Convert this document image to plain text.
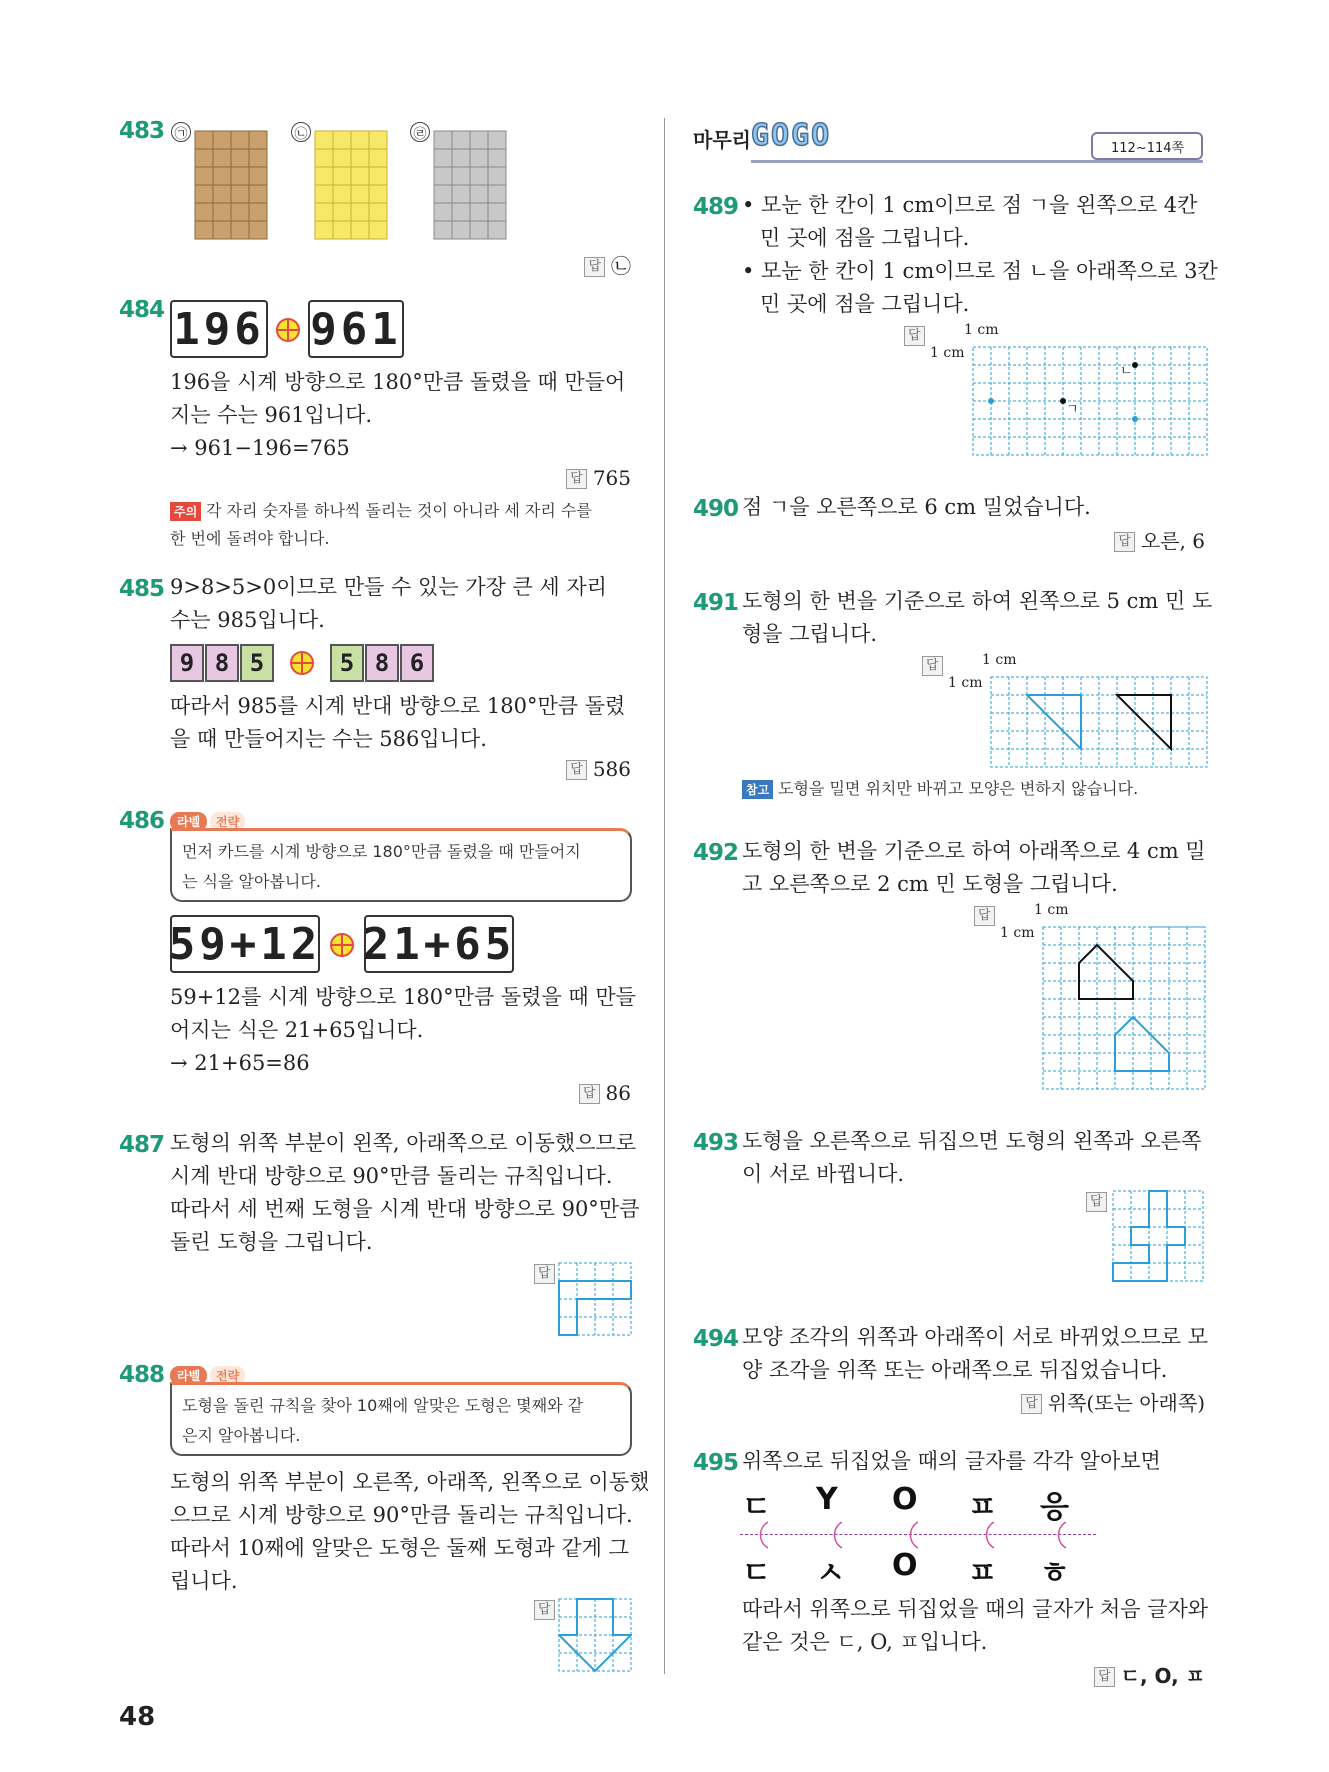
마무리 GOGO	112~114쪽
483 ㉠	㉡	㉣
답 ㉡
484 196 961
196을 시계 방향으로 180°만큼 돌렸을 때 만들어
지는 수는 961입니다.
→ 961−196=765
답 765
주의 각 자리 숫자를 하나씩 돌리는 것이 아니라 세 자리 수를
한 번에 돌려야 합니다.
485 9>8>5>0이므로 만들 수 있는 가장 큰 세 자리
수는 985입니다.
9 8 5	5 8 6
따라서 985를 시계 반대 방향으로 180°만큼 돌렸
을 때 만들어지는 수는 586입니다.
답 586
486	라벨	전략
먼저 카드를 시계 방향으로 180°만큼 돌렸을 때 만들어지
는 식을 알아봅니다.
59+12 21+65
59+12를 시계 방향으로 180°만큼 돌렸을 때 만들
어지는 식은 21+65입니다.
→ 21+65=86
답 86
487 도형의 위쪽 부분이 왼쪽, 아래쪽으로 이동했으므로
시계 반대 방향으로 90°만큼 돌리는 규칙입니다.
따라서 세 번째 도형을 시계 반대 방향으로 90°만큼
돌린 도형을 그립니다.
답
488	라벨	전략
도형을 돌린 규칙을 찾아 10째에 알맞은 도형은 몇째와 같
은지 알아봅니다.
도형의 위쪽 부분이 오른쪽, 아래쪽, 왼쪽으로 이동했
으므로 시계 방향으로 90°만큼 돌리는 규칙입니다.
따라서 10째에 알맞은 도형은 둘째 도형과 같게 그
립니다.
답
489 • 모눈 한 칸이 1 cm이므로 점 ㄱ을 왼쪽으로 4칸
민 곳에 점을 그립니다.
• 모눈 한 칸이 1 cm이므로 점 ㄴ을 아래쪽으로 3칸
민 곳에 점을 그립니다.
답	1 cm
1 cm
ㄴ
ㄱ
490 점 ㄱ을 오른쪽으로 6 cm 밀었습니다.
답 오른, 6
491 도형의 한 변을 기준으로 하여 왼쪽으로 5 cm 민 도
형을 그립니다.
답	1 cm
1 cm
참고 도형을 밀면 위치만 바뀌고 모양은 변하지 않습니다.
492 도형의 한 변을 기준으로 하여 아래쪽으로 4 cm 밀
고 오른쪽으로 2 cm 민 도형을 그립니다.
답	1 cm
1 cm
493 도형을 오른쪽으로 뒤집으면 도형의 왼쪽과 오른쪽
이 서로 바뀝니다.
답
494 모양 조각의 위쪽과 아래쪽이 서로 바뀌었으므로 모
양 조각을 위쪽 또는 아래쪽으로 뒤집었습니다.
답 위쪽(또는 아래쪽)
495 위쪽으로 뒤집었을 때의 글자를 각각 알아보면
ㄷ Y O ㅍ 응
ㄷ ㅅ O ㅍ ㅎ
따라서 위쪽으로 뒤집었을 때의 글자가 처음 글자와
같은 것은 ㄷ, O, ㅍ입니다.
답 ㄷ, O, ㅍ
48
